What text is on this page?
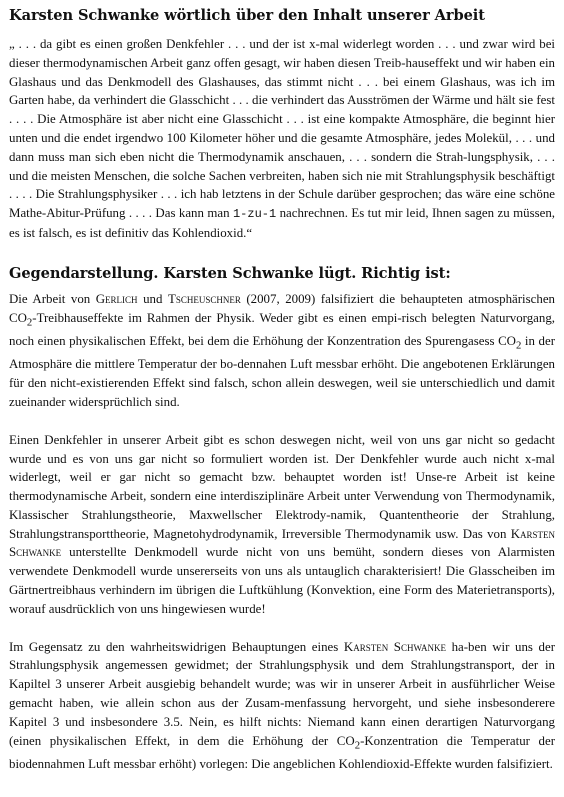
Karsten Schwanke wörtlich über den Inhalt unserer Arbeit

„ . . . da gibt es einen großen Denkfehler . . . und der ist x-mal widerlegt worden . . . und zwar wird bei dieser thermodynamischen Arbeit ganz offen gesagt, wir haben diesen Treib-hauseffekt und wir haben ein Glashaus und das Denkmodell des Glashauses, das stimmt nicht . . . bei einem Glashaus, was ich im Garten habe, da verhindert die Glasschicht . . . die verhindert das Ausströmen der Wärme und hält sie fest . . . . Die Atmosphäre ist aber nicht eine Glasschicht . . . ist eine kompakte Atmosphäre, die beginnt hier unten und die endet irgendwo 100 Kilometer höher und die gesamte Atmosphäre, jedes Molekül, . . . und dann muss man sich eben nicht die Thermodynamik anschauen, . . . sondern die Strah-lungsphysik, . . . und die meisten Menschen, die solche Sachen verbreiten, haben sich nie mit Strahlungsphysik beschäftigt . . . . Die Strahlungsphysiker . . . ich hab letztens in der Schule darüber gesprochen; das wäre eine schöne Mathe-Abitur-Prüfung . . . . Das kann man 1-zu-1 nachrechnen. Es tut mir leid, Ihnen sagen zu müssen, es ist falsch, es ist definitiv das Kohlendioxid.“

Gegendarstellung. Karsten Schwanke lügt. Richtig ist:

Die Arbeit von Gerlich und Tscheuschner (2007, 2009) falsifiziert die behaupteten atmosphärischen $CO_2$-Treibhauseffekte im Rahmen der Physik. Weder gibt es einen empi-risch belegten Naturvorgang, noch einen physikalischen Effekt, bei dem die Erhöhung der Konzentration des Spurengasess $CO_2$ in der Atmosphäre die mittlere Temperatur der bo-dennahen Luft messbar erhöht. Die angebotenen Erklärungen für den nicht-existierenden Effekt sind falsch, schon allein deswegen, weil sie unterschiedlich und damit zueinander widersprüchlich sind.

Einen Denkfehler in unserer Arbeit gibt es schon deswegen nicht, weil von uns gar nicht so gedacht wurde und es von uns gar nicht so formuliert worden ist. Der Denkfehler wurde auch nicht x-mal widerlegt, weil er gar nicht so gemacht bzw. behauptet worden ist! Unse-re Arbeit ist keine thermodynamische Arbeit, sondern eine interdisziplinäre Arbeit unter Verwendung von Thermodynamik, Klassischer Strahlungstheorie, Maxwellscher Elektrody-namik, Quantentheorie der Strahlung, Strahlungstransporttheorie, Magnetohydrodynamik, Irreversible Thermodynamik usw. Das von Karsten Schwanke unterstellte Denkmodell wurde nicht von uns bemüht, sondern dieses von Alarmisten verwendete Denkmodell wurde unsererseits von uns als untauglich charakterisiert! Die Glasscheiben im Gärtnertreibhaus verhindern im übrigen die Luftkühlung (Konvektion, eine Form des Materietransports), worauf ausdrücklich von uns hingewiesen wurde!

Im Gegensatz zu den wahrheitswidrigen Behauptungen eines Karsten Schwanke ha-ben wir uns der Strahlungsphysik angemessen gewidmet; der Strahlungsphysik und dem Strahlungstransport, der in Kapiltel 3 unserer Arbeit ausgiebig behandelt wurde; was wir in unserer Arbeit in ausführlicher Weise gemacht haben, wie allein schon aus der Zusam-menfassung hervorgeht, und siehe insbesonderere Kapitel 3 und insbesondere 3.5. Nein, es hilft nichts: Niemand kann einen derartigen Naturvorgang (einen physikalischen Effekt, in dem die Erhöhung der $CO_2$-Konzentration die Temperatur der biodennahmen Luft messbar erhöht) vorlegen: Die angeblichen Kohlendioxid-Effekte wurden falsifiziert.
